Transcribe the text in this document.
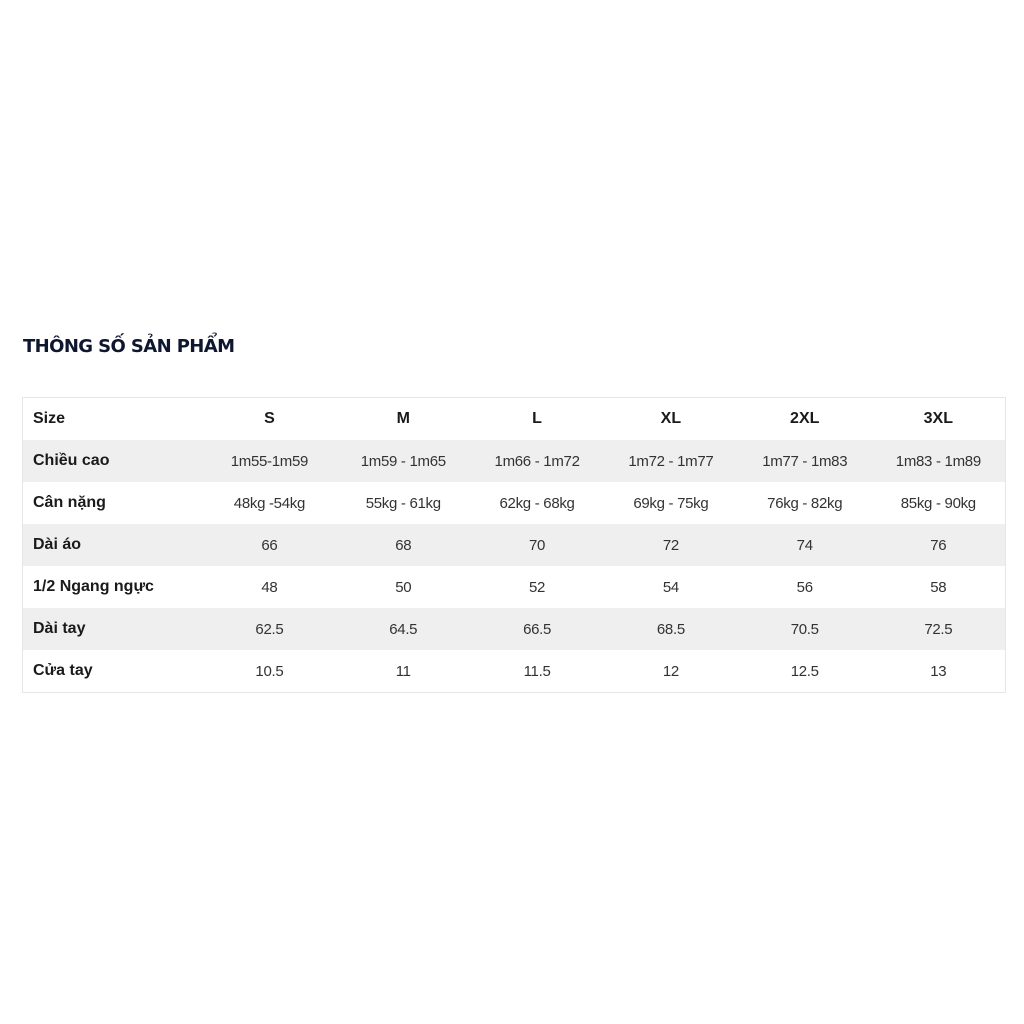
THÔNG SỐ SẢN PHẨM
Size	S	M	L	XL	2XL	3XL
Chiều cao	1m55-1m59	1m59 - 1m65	1m66 - 1m72	1m72 - 1m77	1m77 - 1m83	1m83 - 1m89
Cân nặng	48kg -54kg	55kg - 61kg	62kg - 68kg	69kg - 75kg	76kg - 82kg	85kg - 90kg
Dài áo	66	68	70	72	74	76
1/2 Ngang ngực	48	50	52	54	56	58
Dài tay	62.5	64.5	66.5	68.5	70.5	72.5
Cửa tay	10.5	11	11.5	12	12.5	13
